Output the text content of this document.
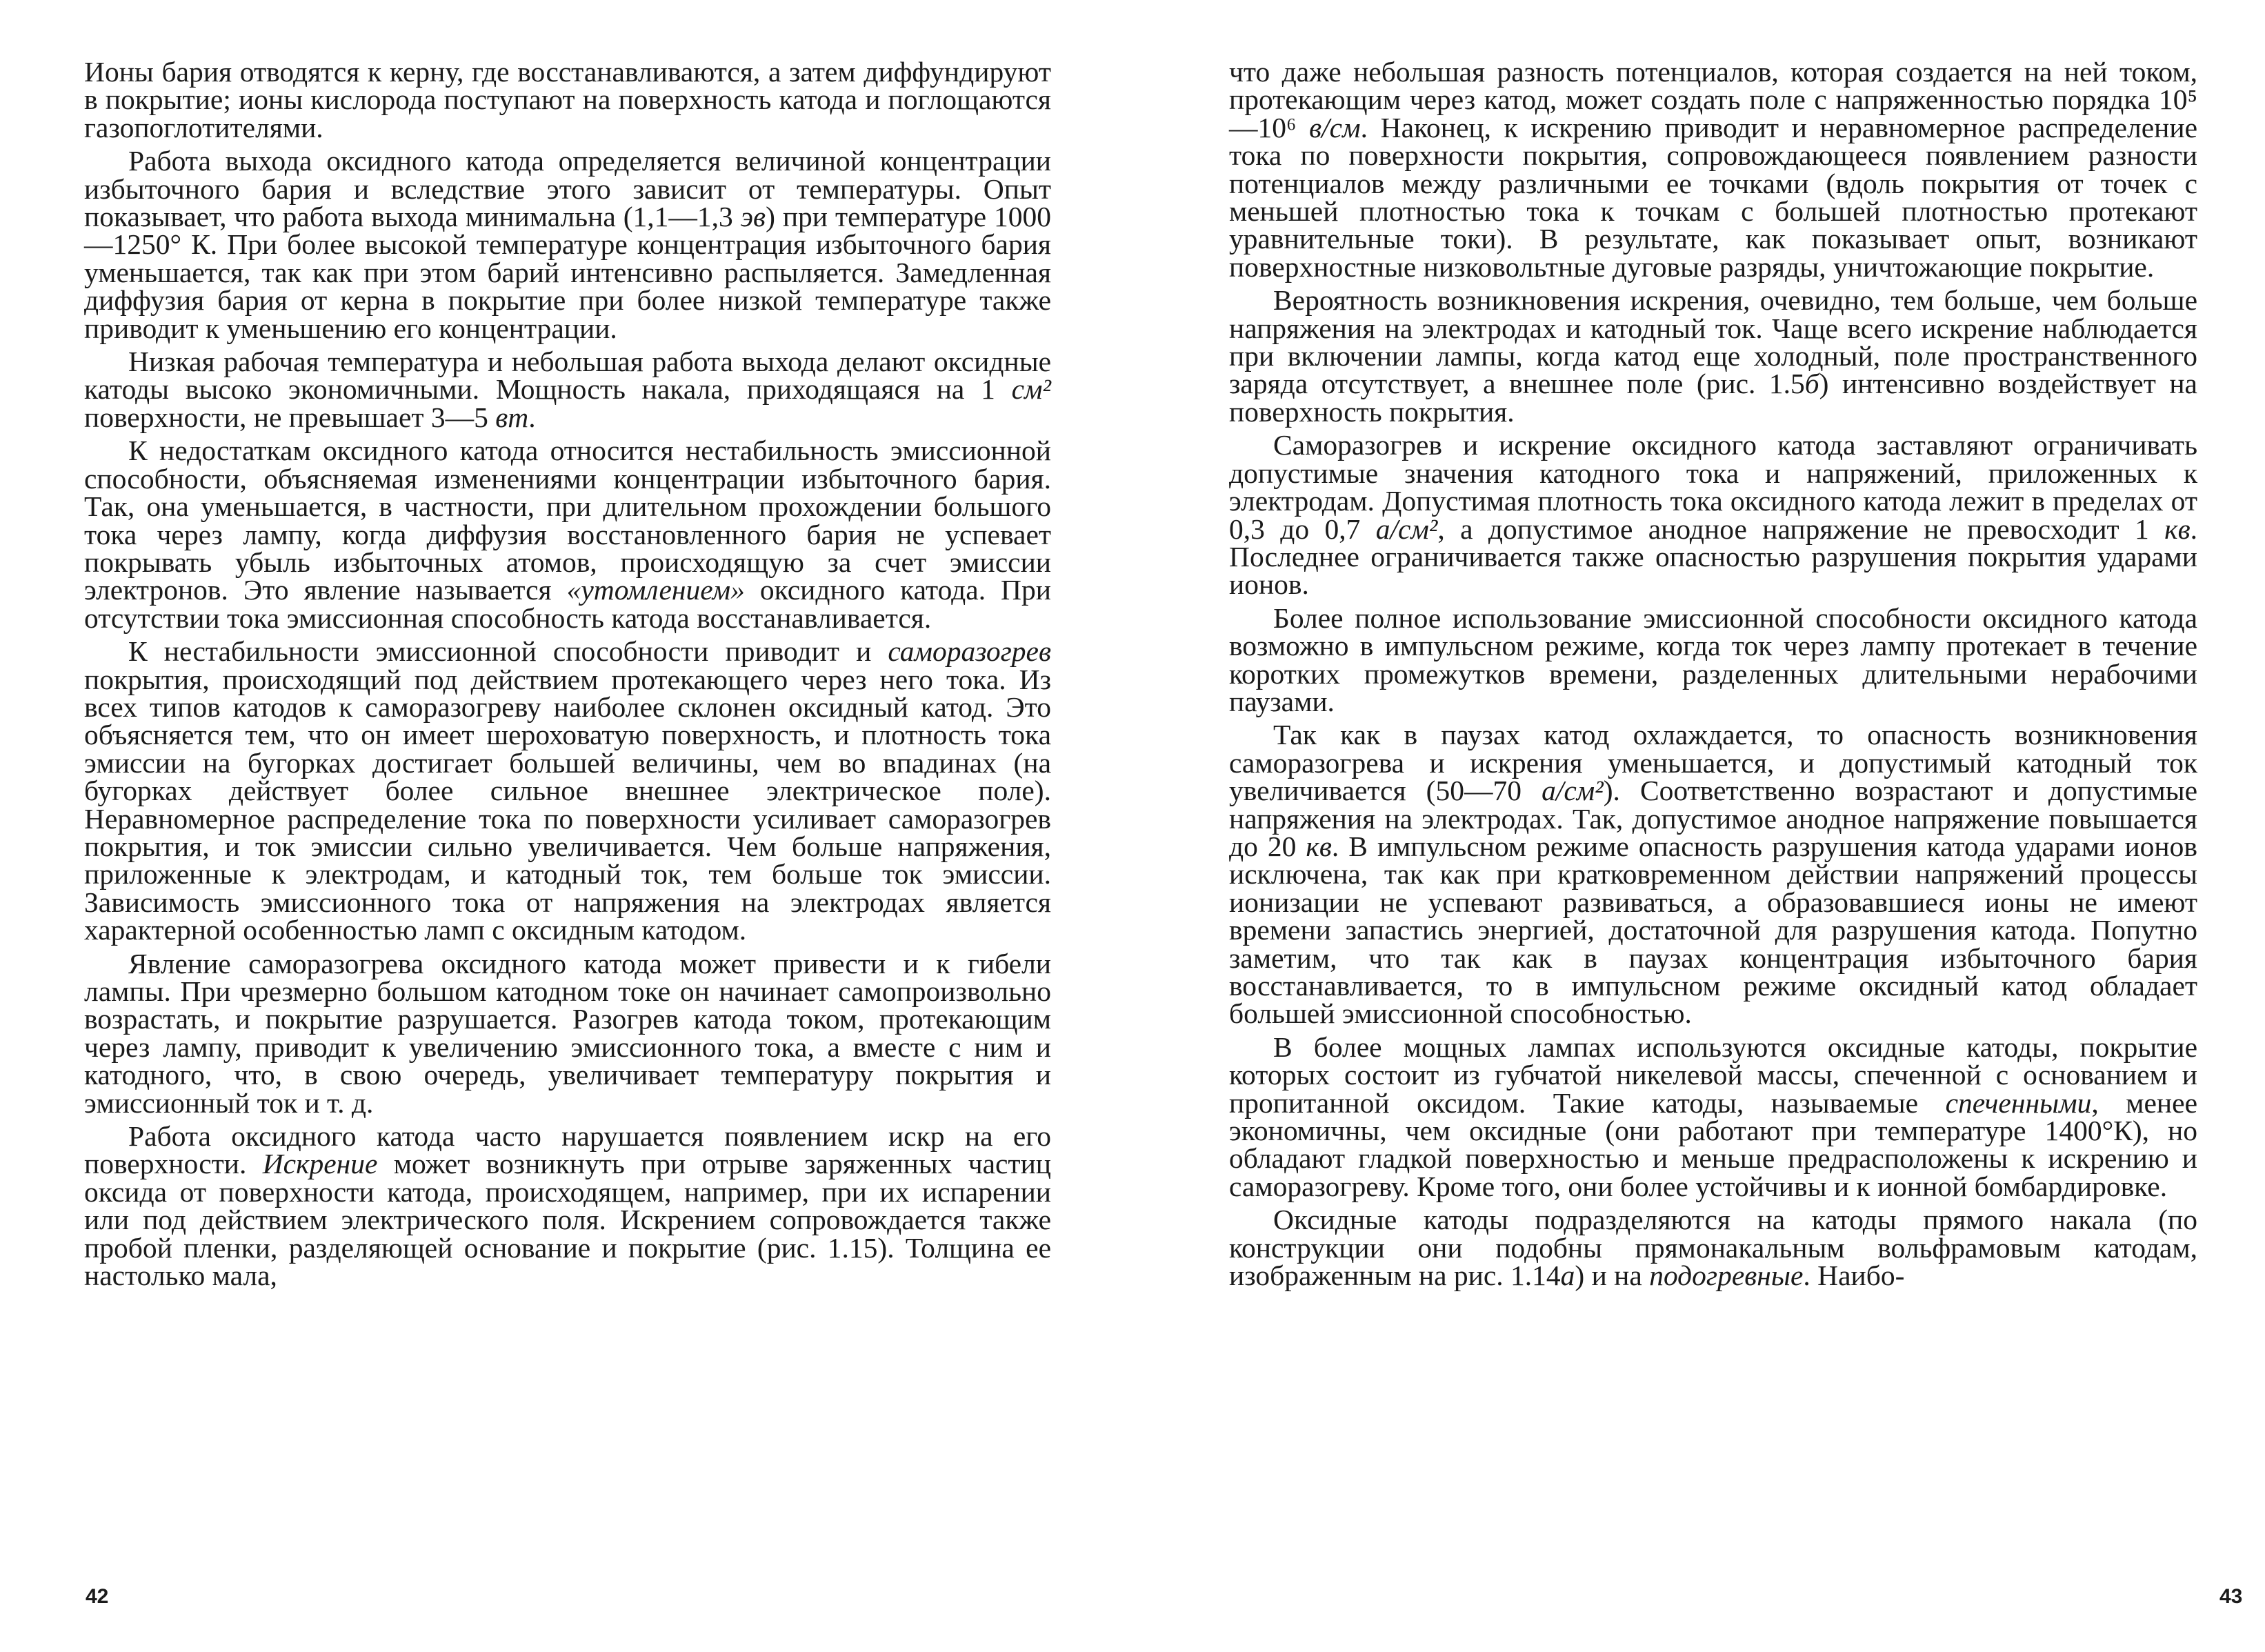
Ионы бария отводятся к керну, где восстанавливаются, а затем диффундируют в покрытие; ионы кислорода поступают на поверхность катода и поглощаются газопоглотителями.

Работа выхода оксидного катода определяется величиной концентрации избыточного бария и вследствие этого зависит от температуры. Опыт показывает, что работа выхода минимальна (1,1—1,3 эв) при температуре 1000—1250° К. При более высокой температуре концентрация избыточного бария уменьшается, так как при этом барий интенсивно распыляется. Замедленная диффузия бария от керна в покрытие при более низкой температуре также приводит к уменьшению его концентрации.

Низкая рабочая температура и небольшая работа выхода делают оксидные катоды высоко экономичными. Мощность накала, приходящаяся на 1 см² поверхности, не превышает 3—5 вт.

К недостаткам оксидного катода относится нестабильность эмиссионной способности, объясняемая изменениями концентрации избыточного бария. Так, она уменьшается, в частности, при длительном прохождении большого тока через лампу, когда диффузия восстановленного бария не успевает покрывать убыль избыточных атомов, происходящую за счет эмиссии электронов. Это явление называется «утомлением» оксидного катода. При отсутствии тока эмиссионная способность катода восстанавливается.

К нестабильности эмиссионной способности приводит и саморазогрев покрытия, происходящий под действием протекающего через него тока. Из всех типов катодов к саморазогреву наиболее склонен оксидный катод. Это объясняется тем, что он имеет шероховатую поверхность, и плотность тока эмиссии на бугорках достигает большей величины, чем во впадинах (на бугорках действует более сильное внешнее электрическое поле). Неравномерное распределение тока по поверхности усиливает саморазогрев покрытия, и ток эмиссии сильно увеличивается. Чем больше напряжения, приложенные к электродам, и катодный ток, тем больше ток эмиссии. Зависимость эмиссионного тока от напряжения на электродах является характерной особенностью ламп с оксидным катодом.

Явление саморазогрева оксидного катода может привести и к гибели лампы. При чрезмерно большом катодном токе он начинает самопроизвольно возрастать, и покрытие разрушается. Разогрев катода током, протекающим через лампу, приводит к увеличению эмиссионного тока, а вместе с ним и катодного, что, в свою очередь, увеличивает температуру покрытия и эмиссионный ток и т. д.

Работа оксидного катода часто нарушается появлением искр на его поверхности. Искрение может возникнуть при отрыве заряженных частиц оксида от поверхности катода, происходящем, например, при их испарении или под действием электрического поля. Искрением сопровождается также пробой пленки, разделяющей основание и покрытие (рис. 1.15). Толщина ее настолько мала,

42

что даже небольшая разность потенциалов, которая создается на ней током, протекающим через катод, может создать поле с напряженностью порядка 10⁵—10⁶ в/см. Наконец, к искрению приводит и неравномерное распределение тока по поверхности покрытия, сопровождающееся появлением разности потенциалов между различными ее точками (вдоль покрытия от точек с меньшей плотностью тока к точкам с большей плотностью протекают уравнительные токи). В результате, как показывает опыт, возникают поверхностные низковольтные дуговые разряды, уничтожающие покрытие.

Вероятность возникновения искрения, очевидно, тем больше, чем больше напряжения на электродах и катодный ток. Чаще всего искрение наблюдается при включении лампы, когда катод еще холодный, поле пространственного заряда отсутствует, а внешнее поле (рис. 1.5б) интенсивно воздействует на поверхность покрытия.

Саморазогрев и искрение оксидного катода заставляют ограничивать допустимые значения катодного тока и напряжений, приложенных к электродам. Допустимая плотность тока оксидного катода лежит в пределах от 0,3 до 0,7 а/см², а допустимое анодное напряжение не превосходит 1 кв. Последнее ограничивается также опасностью разрушения покрытия ударами ионов.

Более полное использование эмиссионной способности оксидного катода возможно в импульсном режиме, когда ток через лампу протекает в течение коротких промежутков времени, разделенных длительными нерабочими паузами.

Так как в паузах катод охлаждается, то опасность возникновения саморазогрева и искрения уменьшается, и допустимый катодный ток увеличивается (50—70 а/см²). Соответственно возрастают и допустимые напряжения на электродах. Так, допустимое анодное напряжение повышается до 20 кв. В импульсном режиме опасность разрушения катода ударами ионов исключена, так как при кратковременном действии напряжений процессы ионизации не успевают развиваться, а образовавшиеся ионы не имеют времени запастись энергией, достаточной для разрушения катода. Попутно заметим, что так как в паузах концентрация избыточного бария восстанавливается, то в импульсном режиме оксидный катод обладает большей эмиссионной способностью.

В более мощных лампах используются оксидные катоды, покрытие которых состоит из губчатой никелевой массы, спеченной с основанием и пропитанной оксидом. Такие катоды, называемые спеченными, менее экономичны, чем оксидные (они работают при температуре 1400°К), но обладают гладкой поверхностью и меньше предрасположены к искрению и саморазогреву. Кроме того, они более устойчивы и к ионной бомбардировке.

Оксидные катоды подразделяются на катоды прямого накала (по конструкции они подобны прямонакальным вольфрамовым катодам, изображенным на рис. 1.14а) и на подогревные. Наибо-

43
